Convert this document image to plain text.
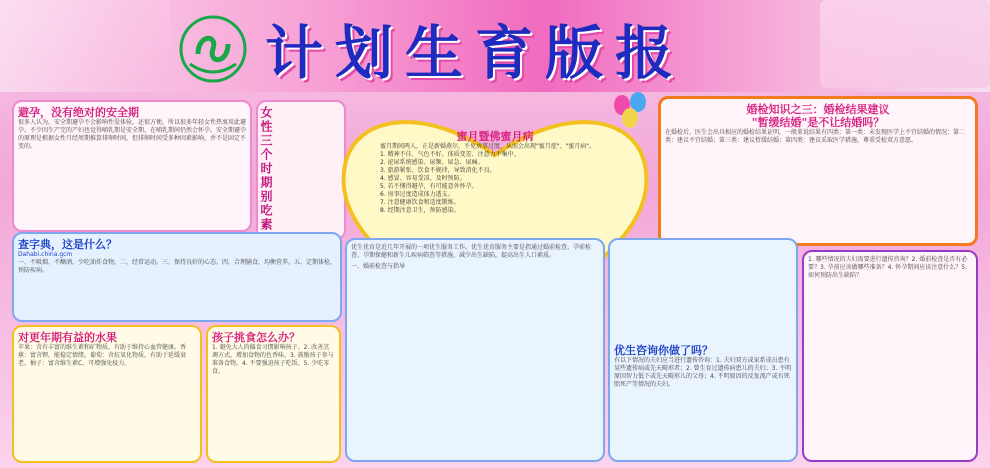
计划生育版报
避孕，没有绝对的安全期
很多人认为，安全期避孕不会影响性爱体验，还很方便，所以很多年轻女性热衷用此避孕。不少因生产完的产妇也觉得哺乳期是安全期，在哺乳期间仍然会怀孕。安全期避孕的原理是根据女性月经周期推算排卵时间，但排卵时间受多种因素影响，并不是固定不变的。	女性三个时期别吃素	蜜月暨佛蜜月病
蜜月期间两人，正是新婚燕尔、不免房事过度，从而会出现"蜜月症"、"蜜月病"。
1. 精神不佳、气色不好、体质变差、注意力不集中。
2. 泌尿系统感染、尿频、尿急、尿痛。
3. 旅游紧张、饮食不规律，导致消化不良。
4. 感冒、容易受凉、及时预防。
5. 若不懂得避孕，有可能意外怀孕。
6. 房事过度造成体力透支。
7. 注意健康饮食和适度锻炼。
8. 经期注意卫生，预防感染。
婚检知识之三：婚检结果建议
"暂缓结婚"是不让结婚吗？
在婚检后，医生会出具相应的婚检结果证明，一般来说结果有四类：第一类：未发现医学上不宜结婚的情况；第二类：建议不宜结婚；第三类：建议暂缓结婚；第四类：建议采取医学措施，尊重受检双方意愿。
查字典，这是什么？
Dahabi.china.gcm
一、不吸烟、不酗酒，少吃油炸食物。二、经常运动。三、保持良好的心态。四、合理膳食，均衡营养。五、定期体检，预防疾病。
对更年期有益的水果
苹果：含有丰富的维生素和矿物质，有助于维持心血管健康。香蕉：富含钾，能稳定情绪。葡萄：含抗氧化物质，有助于延缓衰老。柚子：富含维生素C，可增强免疫力。
孩子挑食怎么办？
1. 避免大人的偏食习惯影响孩子。2. 改善烹调方式，增加食物的色香味。3. 鼓励孩子参与准备食物。4. 不要强迫孩子吃饭。5. 少吃零食。
优生优育是近几年开展的一项优生服务工作。优生优育服务主要是指通过婚前检查、孕前检查、孕期保健和新生儿疾病筛查等措施，减少出生缺陷，提高出生人口素质。
一、婚前检查与指导
优生咨询你做了吗？
有以下情况的夫妇应当进行遗传咨询：1. 夫妇双方或家系成员患有某些遗传病或先天畸形者；2. 曾生育过遗传病患儿的夫妇；3. 不明原因智力低下或先天畸形儿的父母；4. 不明原因的反复流产或有死胎死产等情况的夫妇。
1. 哪些情况的夫妇需要进行遗传咨询？2. 婚前检查是否有必要？3. 孕前应该做哪些准备？4. 怀孕期间应该注意什么？5. 如何预防出生缺陷？
